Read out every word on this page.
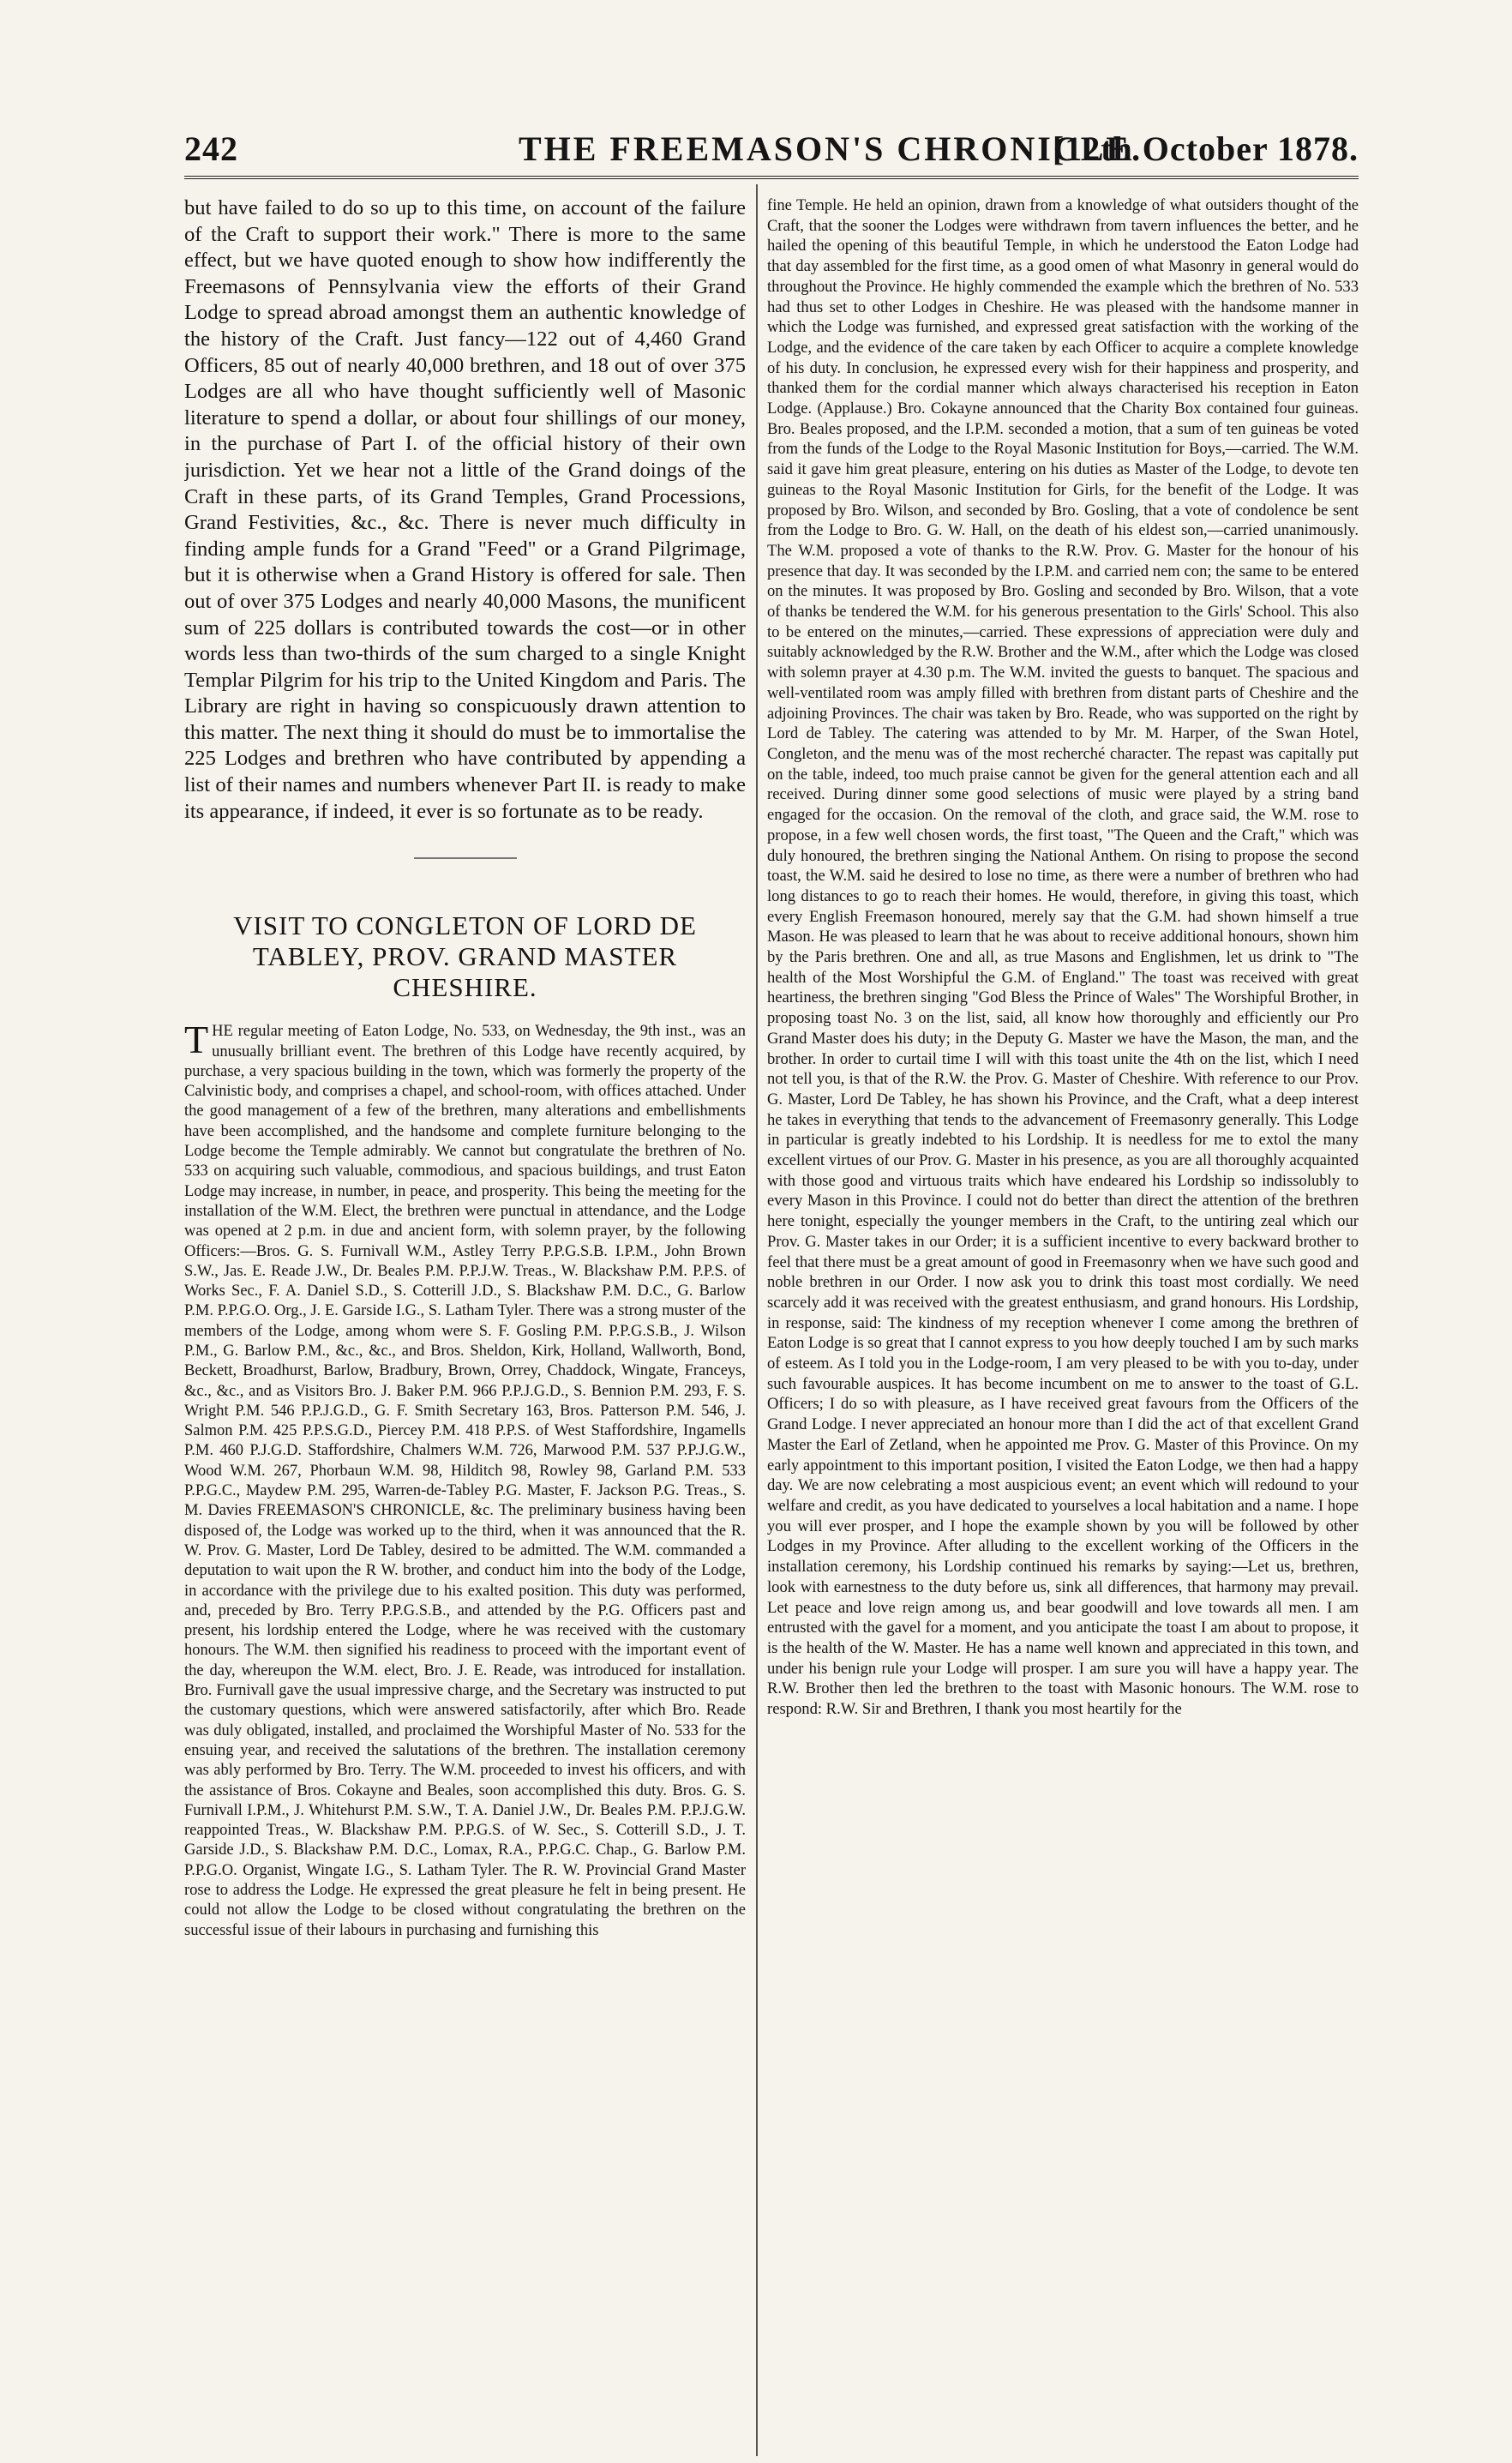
242	THE FREEMASON'S CHRONICLE.
[12th October 1878.

but have failed to do so up to this time, on account of the failure of the Craft to support their work." There is more to the same effect, but we have quoted enough to show how indifferently the Freemasons of Pennsylvania view the efforts of their Grand Lodge to spread abroad amongst them an authentic knowledge of the history of the Craft. Just fancy—122 out of 4,460 Grand Officers, 85 out of nearly 40,000 brethren, and 18 out of over 375 Lodges are all who have thought sufficiently well of Masonic literature to spend a dollar, or about four shillings of our money, in the purchase of Part I. of the official history of their own jurisdiction. Yet we hear not a little of the Grand doings of the Craft in these parts, of its Grand Temples, Grand Processions, Grand Festivities, &c., &c. There is never much difficulty in finding ample funds for a Grand "Feed" or a Grand Pilgrimage, but it is otherwise when a Grand History is offered for sale. Then out of over 375 Lodges and nearly 40,000 Masons, the munificent sum of 225 dollars is contributed towards the cost—or in other words less than two-thirds of the sum charged to a single Knight Templar Pilgrim for his trip to the United Kingdom and Paris. The Library are right in having so conspicuously drawn attention to this matter. The next thing it should do must be to immortalise the 225 Lodges and brethren who have contributed by appending a list of their names and numbers whenever Part II. is ready to make its appearance, if indeed, it ever is so fortunate as to be ready.

VISIT TO CONGLETON OF LORD DE TABLEY, PROV. GRAND MASTER CHESHIRE.

THE regular meeting of Eaton Lodge, No. 533, on Wednesday, the 9th inst., was an unusually brilliant event. The brethren of this Lodge have recently acquired, by purchase, a very spacious building in the town, which was formerly the property of the Calvinistic body, and comprises a chapel, and school-room, with offices attached. Under the good management of a few of the brethren, many alterations and embellishments have been accomplished, and the handsome and complete furniture belonging to the Lodge become the Temple admirably. We cannot but congratulate the brethren of No. 533 on acquiring such valuable, commodious, and spacious buildings, and trust Eaton Lodge may increase, in number, in peace, and prosperity. This being the meeting for the installation of the W.M. Elect, the brethren were punctual in attendance, and the Lodge was opened at 2 p.m. in due and ancient form, with solemn prayer, by the following Officers:—Bros. G. S. Furnivall W.M., Astley Terry P.P.G.S.B. I.P.M., John Brown S.W., Jas. E. Reade J.W., Dr. Beales P.M. P.P.J.W. Treas., W. Blackshaw P.M. P.P.S. of Works Sec., F. A. Daniel S.D., S. Cotterill J.D., S. Blackshaw P.M. D.C., G. Barlow P.M. P.P.G.O. Org., J. E. Garside I.G., S. Latham Tyler. There was a strong muster of the members of the Lodge, among whom were S. F. Gosling P.M. P.P.G.S.B., J. Wilson P.M., G. Barlow P.M., &c., &c., and Bros. Sheldon, Kirk, Holland, Wallworth, Bond, Beckett, Broadhurst, Barlow, Bradbury, Brown, Orrey, Chaddock, Wingate, Franceys, &c., &c., and as Visitors Bro. J. Baker P.M. 966 P.P.J.G.D., S. Bennion P.M. 293, F. S. Wright P.M. 546 P.P.J.G.D., G. F. Smith Secretary 163, Bros. Patterson P.M. 546, J. Salmon P.M. 425 P.P.S.G.D., Piercey P.M. 418 P.P.S. of West Staffordshire, Ingamells P.M. 460 P.J.G.D. Staffordshire, Chalmers W.M. 726, Marwood P.M. 537 P.P.J.G.W., Wood W.M. 267, Phorbaun W.M. 98, Hilditch 98, Rowley 98, Garland P.M. 533 P.P.G.C., Maydew P.M. 295, Warren-de-Tabley P.G. Master, F. Jackson P.G. Treas., S. M. Davies FREEMASON'S CHRONICLE, &c. The preliminary business having been disposed of, the Lodge was worked up to the third, when it was announced that the R. W. Prov. G. Master, Lord De Tabley, desired to be admitted. The W.M. commanded a deputation to wait upon the R W. brother, and conduct him into the body of the Lodge, in accordance with the privilege due to his exalted position. This duty was performed, and, preceded by Bro. Terry P.P.G.S.B., and attended by the P.G. Officers past and present, his lordship entered the Lodge, where he was received with the customary honours. The W.M. then signified his readiness to proceed with the important event of the day, whereupon the W.M. elect, Bro. J. E. Reade, was introduced for installation. Bro. Furnivall gave the usual impressive charge, and the Secretary was instructed to put the customary questions, which were answered satisfactorily, after which Bro. Reade was duly obligated, installed, and proclaimed the Worshipful Master of No. 533 for the ensuing year, and received the salutations of the brethren. The installation ceremony was ably performed by Bro. Terry. The W.M. proceeded to invest his officers, and with the assistance of Bros. Cokayne and Beales, soon accomplished this duty. Bros. G. S. Furnivall I.P.M., J. Whitehurst P.M. S.W., T. A. Daniel J.W., Dr. Beales P.M. P.P.J.G.W. reappointed Treas., W. Blackshaw P.M. P.P.G.S. of W. Sec., S. Cotterill S.D., J. T. Garside J.D., S. Blackshaw P.M. D.C., Lomax, R.A., P.P.G.C. Chap., G. Barlow P.M. P.P.G.O. Organist, Wingate I.G., S. Latham Tyler. The R. W. Provincial Grand Master rose to address the Lodge. He expressed the great pleasure he felt in being present. He could not allow the Lodge to be closed without congratulating the brethren on the successful issue of their labours in purchasing and furnishing this

fine Temple. He held an opinion, drawn from a knowledge of what outsiders thought of the Craft, that the sooner the Lodges were withdrawn from tavern influences the better, and he hailed the opening of this beautiful Temple, in which he understood the Eaton Lodge had that day assembled for the first time, as a good omen of what Masonry in general would do throughout the Province. He highly commended the example which the brethren of No. 533 had thus set to other Lodges in Cheshire. He was pleased with the handsome manner in which the Lodge was furnished, and expressed great satisfaction with the working of the Lodge, and the evidence of the care taken by each Officer to acquire a complete knowledge of his duty. In conclusion, he expressed every wish for their happiness and prosperity, and thanked them for the cordial manner which always characterised his reception in Eaton Lodge. (Applause.) Bro. Cokayne announced that the Charity Box contained four guineas. Bro. Beales proposed, and the I.P.M. seconded a motion, that a sum of ten guineas be voted from the funds of the Lodge to the Royal Masonic Institution for Boys,—carried. The W.M. said it gave him great pleasure, entering on his duties as Master of the Lodge, to devote ten guineas to the Royal Masonic Institution for Girls, for the benefit of the Lodge. It was proposed by Bro. Wilson, and seconded by Bro. Gosling, that a vote of condolence be sent from the Lodge to Bro. G. W. Hall, on the death of his eldest son,—carried unanimously. The W.M. proposed a vote of thanks to the R.W. Prov. G. Master for the honour of his presence that day. It was seconded by the I.P.M. and carried nem con; the same to be entered on the minutes. It was proposed by Bro. Gosling and seconded by Bro. Wilson, that a vote of thanks be tendered the W.M. for his generous presentation to the Girls' School. This also to be entered on the minutes,—carried. These expressions of appreciation were duly and suitably acknowledged by the R.W. Brother and the W.M., after which the Lodge was closed with solemn prayer at 4.30 p.m. The W.M. invited the guests to banquet. The spacious and well-ventilated room was amply filled with brethren from distant parts of Cheshire and the adjoining Provinces. The chair was taken by Bro. Reade, who was supported on the right by Lord de Tabley. The catering was attended to by Mr. M. Harper, of the Swan Hotel, Congleton, and the menu was of the most recherché character. The repast was capitally put on the table, indeed, too much praise cannot be given for the general attention each and all received. During dinner some good selections of music were played by a string band engaged for the occasion. On the removal of the cloth, and grace said, the W.M. rose to propose, in a few well chosen words, the first toast, "The Queen and the Craft," which was duly honoured, the brethren singing the National Anthem. On rising to propose the second toast, the W.M. said he desired to lose no time, as there were a number of brethren who had long distances to go to reach their homes. He would, therefore, in giving this toast, which every English Freemason honoured, merely say that the G.M. had shown himself a true Mason. He was pleased to learn that he was about to receive additional honours, shown him by the Paris brethren. One and all, as true Masons and Englishmen, let us drink to "The health of the Most Worshipful the G.M. of England." The toast was received with great heartiness, the brethren singing "God Bless the Prince of Wales" The Worshipful Brother, in proposing toast No. 3 on the list, said, all know how thoroughly and efficiently our Pro Grand Master does his duty; in the Deputy G. Master we have the Mason, the man, and the brother. In order to curtail time I will with this toast unite the 4th on the list, which I need not tell you, is that of the R.W. the Prov. G. Master of Cheshire. With reference to our Prov. G. Master, Lord De Tabley, he has shown his Province, and the Craft, what a deep interest he takes in everything that tends to the advancement of Freemasonry generally. This Lodge in particular is greatly indebted to his Lordship. It is needless for me to extol the many excellent virtues of our Prov. G. Master in his presence, as you are all thoroughly acquainted with those good and virtuous traits which have endeared his Lordship so indissolubly to every Mason in this Province. I could not do better than direct the attention of the brethren here tonight, especially the younger members in the Craft, to the untiring zeal which our Prov. G. Master takes in our Order; it is a sufficient incentive to every backward brother to feel that there must be a great amount of good in Freemasonry when we have such good and noble brethren in our Order. I now ask you to drink this toast most cordially. We need scarcely add it was received with the greatest enthusiasm, and grand honours. His Lordship, in response, said: The kindness of my reception whenever I come among the brethren of Eaton Lodge is so great that I cannot express to you how deeply touched I am by such marks of esteem. As I told you in the Lodge-room, I am very pleased to be with you to-day, under such favourable auspices. It has become incumbent on me to answer to the toast of G.L. Officers; I do so with pleasure, as I have received great favours from the Officers of the Grand Lodge. I never appreciated an honour more than I did the act of that excellent Grand Master the Earl of Zetland, when he appointed me Prov. G. Master of this Province. On my early appointment to this important position, I visited the Eaton Lodge, we then had a happy day. We are now celebrating a most auspicious event; an event which will redound to your welfare and credit, as you have dedicated to yourselves a local habitation and a name. I hope you will ever prosper, and I hope the example shown by you will be followed by other Lodges in my Province. After alluding to the excellent working of the Officers in the installation ceremony, his Lordship continued his remarks by saying:—Let us, brethren, look with earnestness to the duty before us, sink all differences, that harmony may prevail. Let peace and love reign among us, and bear goodwill and love towards all men. I am entrusted with the gavel for a moment, and you anticipate the toast I am about to propose, it is the health of the W. Master. He has a name well known and appreciated in this town, and under his benign rule your Lodge will prosper. I am sure you will have a happy year. The R.W. Brother then led the brethren to the toast with Masonic honours. The W.M. rose to respond: R.W. Sir and Brethren, I thank you most heartily for the
